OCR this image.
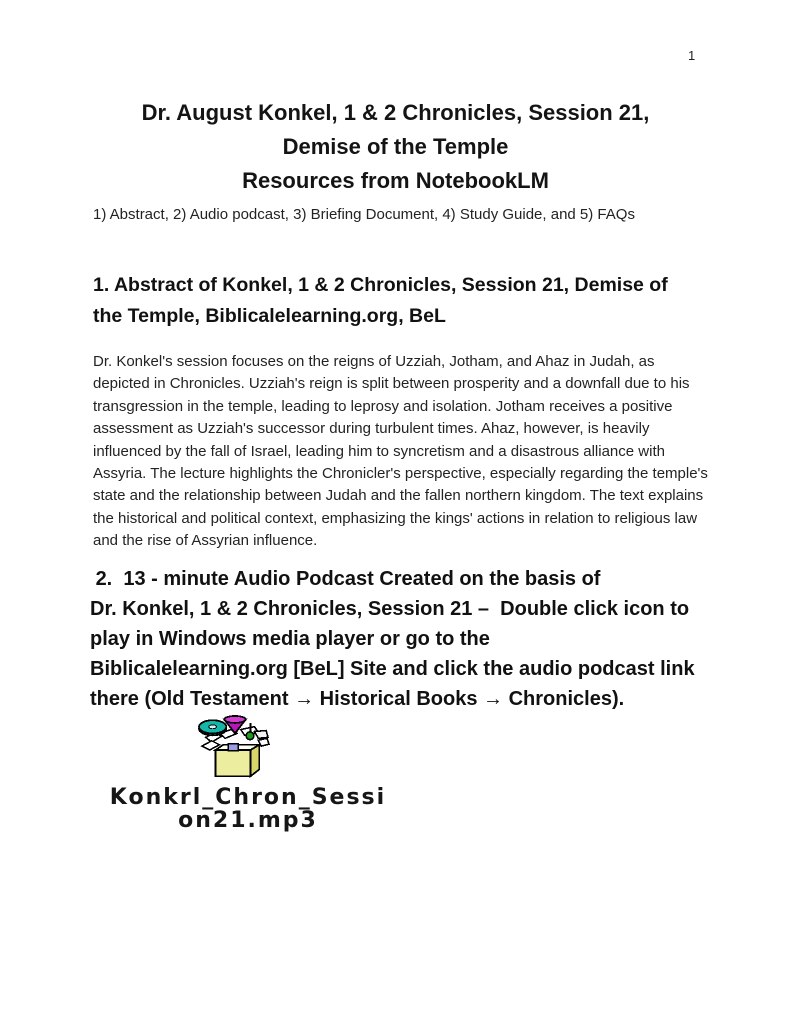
1
Dr. August Konkel, 1 & 2 Chronicles, Session 21,
Demise of the Temple
Resources from NotebookLM
1) Abstract, 2) Audio podcast, 3) Briefing Document, 4) Study Guide, and 5) FAQs
1. Abstract of Konkel, 1 & 2 Chronicles, Session 21, Demise of
the Temple, Biblicalelearning.org, BeL
Dr. Konkel's session focuses on the reigns of Uzziah, Jotham, and Ahaz in Judah, as depicted in Chronicles. Uzziah's reign is split between prosperity and a downfall due to his transgression in the temple, leading to leprosy and isolation. Jotham receives a positive assessment as Uzziah's successor during turbulent times. Ahaz, however, is heavily influenced by the fall of Israel, leading him to syncretism and a disastrous alliance with Assyria. The lecture highlights the Chronicler's perspective, especially regarding the temple's state and the relationship between Judah and the fallen northern kingdom. The text explains the historical and political context, emphasizing the kings' actions in relation to religious law and the rise of Assyrian influence.
2.  13 - minute Audio Podcast Created on the basis of
Dr. Konkel, 1 & 2 Chronicles, Session 21 –  Double click icon to
play in Windows media player or go to the
Biblicalelearning.org [BeL] Site and click the audio podcast link
there (Old Testament → Historical Books → Chronicles).
Konkrl_Chron_Sessi
on21.mp3
